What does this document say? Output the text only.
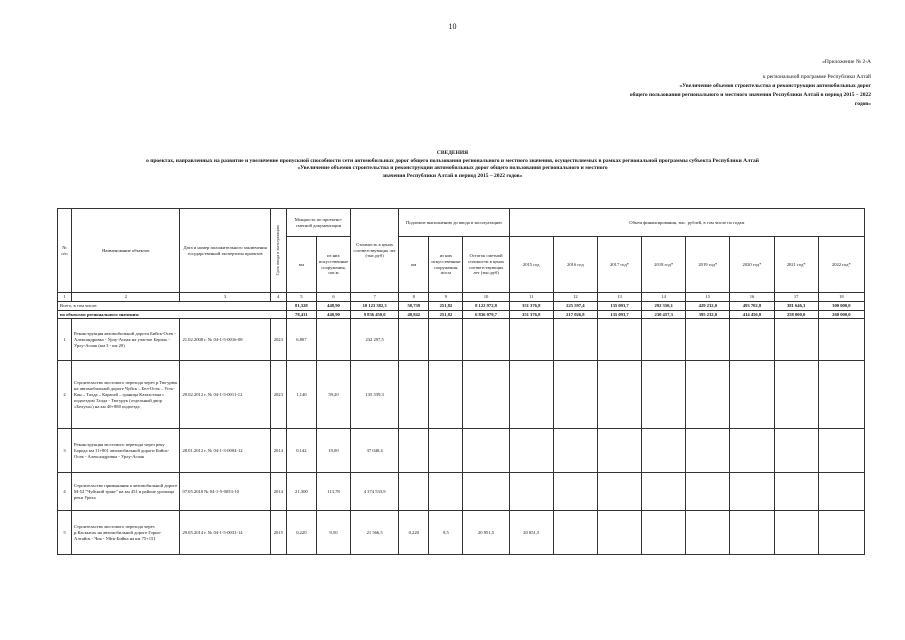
10
«Приложение № 2-А
к региональной программе Республики Алтай
«Увеличение объемов строительства и реконструкции автомобильных дорог
общего пользования регионального и местного значения Республики Алтай в период 2015 – 2022
годов»
СВЕДЕНИЯ
о проектах, направленных на развитие и увеличение пропускной способности сети автомобильных дорог общего пользования регионального и местного значения, осуществляемых в рамках региональной программы субъекта Республики Алтай
«Увеличение объемов строительства и реконструкции автомобильных дорог общего пользования регионального и местного
значения Республики Алтай в период 2015 – 2022 годов»
№ п/п	Наименование объектов	Дата и номер положительного заключения государственной экспертизы проектов	Срок ввода в эксплуатацию	Мощность по проектно-сметной документации		Стоимость в ценах соответствующих лет (тыс.руб)	Подлежит выполнению до ввода в эксплуатацию			Объем финансирования, тыс. рублей, в том числе по годам							
				км	из них искусственные сооружения, пог.м		км	из них искусственные сооружения, пог.м	Остаток сметной стоимости в ценах соответствующих лет (тыс.руб)	2015 год	2016 год	2017 год*	2018 год*	2019 год*	2020 год*	2021 год*	2022 год*
1	2	3	4	5	6	7	8	9	10	11	12	13	14	15	16	17	18
Всего, в том числе:				81,328	448,90	10 123 382,3	50,739	251,82	8 122 972,8	351 376,8	225 597,4	135 093,7	292 350,1	429 232,0	493 702,8	381 646,3	300 000,0
по объектам регионального значения:				78,431	440,90	9 836 450,0	48,842	251,82	6 836 079,7	351 376,8	217 026,8	135 093,7	230 457,3	395 232,0	414 456,8	258 000,0	260 000,0
1	Реконструкция автомобильной дороги Бийск-Осек - Александровка - Урлу-Аспак на участке Бериль - Урлу-Аспак (км 3 - км 20)	21.02.2008 г. № 04-1-5-0016-08	2023	6,807		232 297,5											
2	Строительство мостового перехода через р.Тюгурюк на автомобильной дороге Чуйск – Бел-Осек – Усть-Кан – Талда – Карагай – граница Казахстана с подъездом Талда - Тюгурук (отдельный двор «Белуха») на км 40+880 подъезда	29.02.2012 г. № 04-1-5-0011-12	2023	1,140	59,20	135 539,3											
3	Реконструкция мостового перехода через реку Барода км 11+801 автомобильной дороги Бийск-Осек - Александровка - Урлу-Аспак	28.01.2012 г. № 04-1-3-0004-12	2014	0,142	19,00	37 048,4											
4	Строительство примыкания к автомобильной дороге М-52 "Чуйский тракт" на км 451 в районе урочища реки Уреха	07.05.2010 № 04-1-5-0053-10	2014	21,300	113,78	4 374 533,9											
5	Строительство мостового перехода через р.Каскытах на автомобильной дороге Горно-Алтайск - Чоя - Уйск-Бийка на км 75+151	29.05.2014 г. № 04-1-5-0031-14	2015	0,220	9,50	21 566,5	0,220	9,5	20 851,5	20 851,5							
